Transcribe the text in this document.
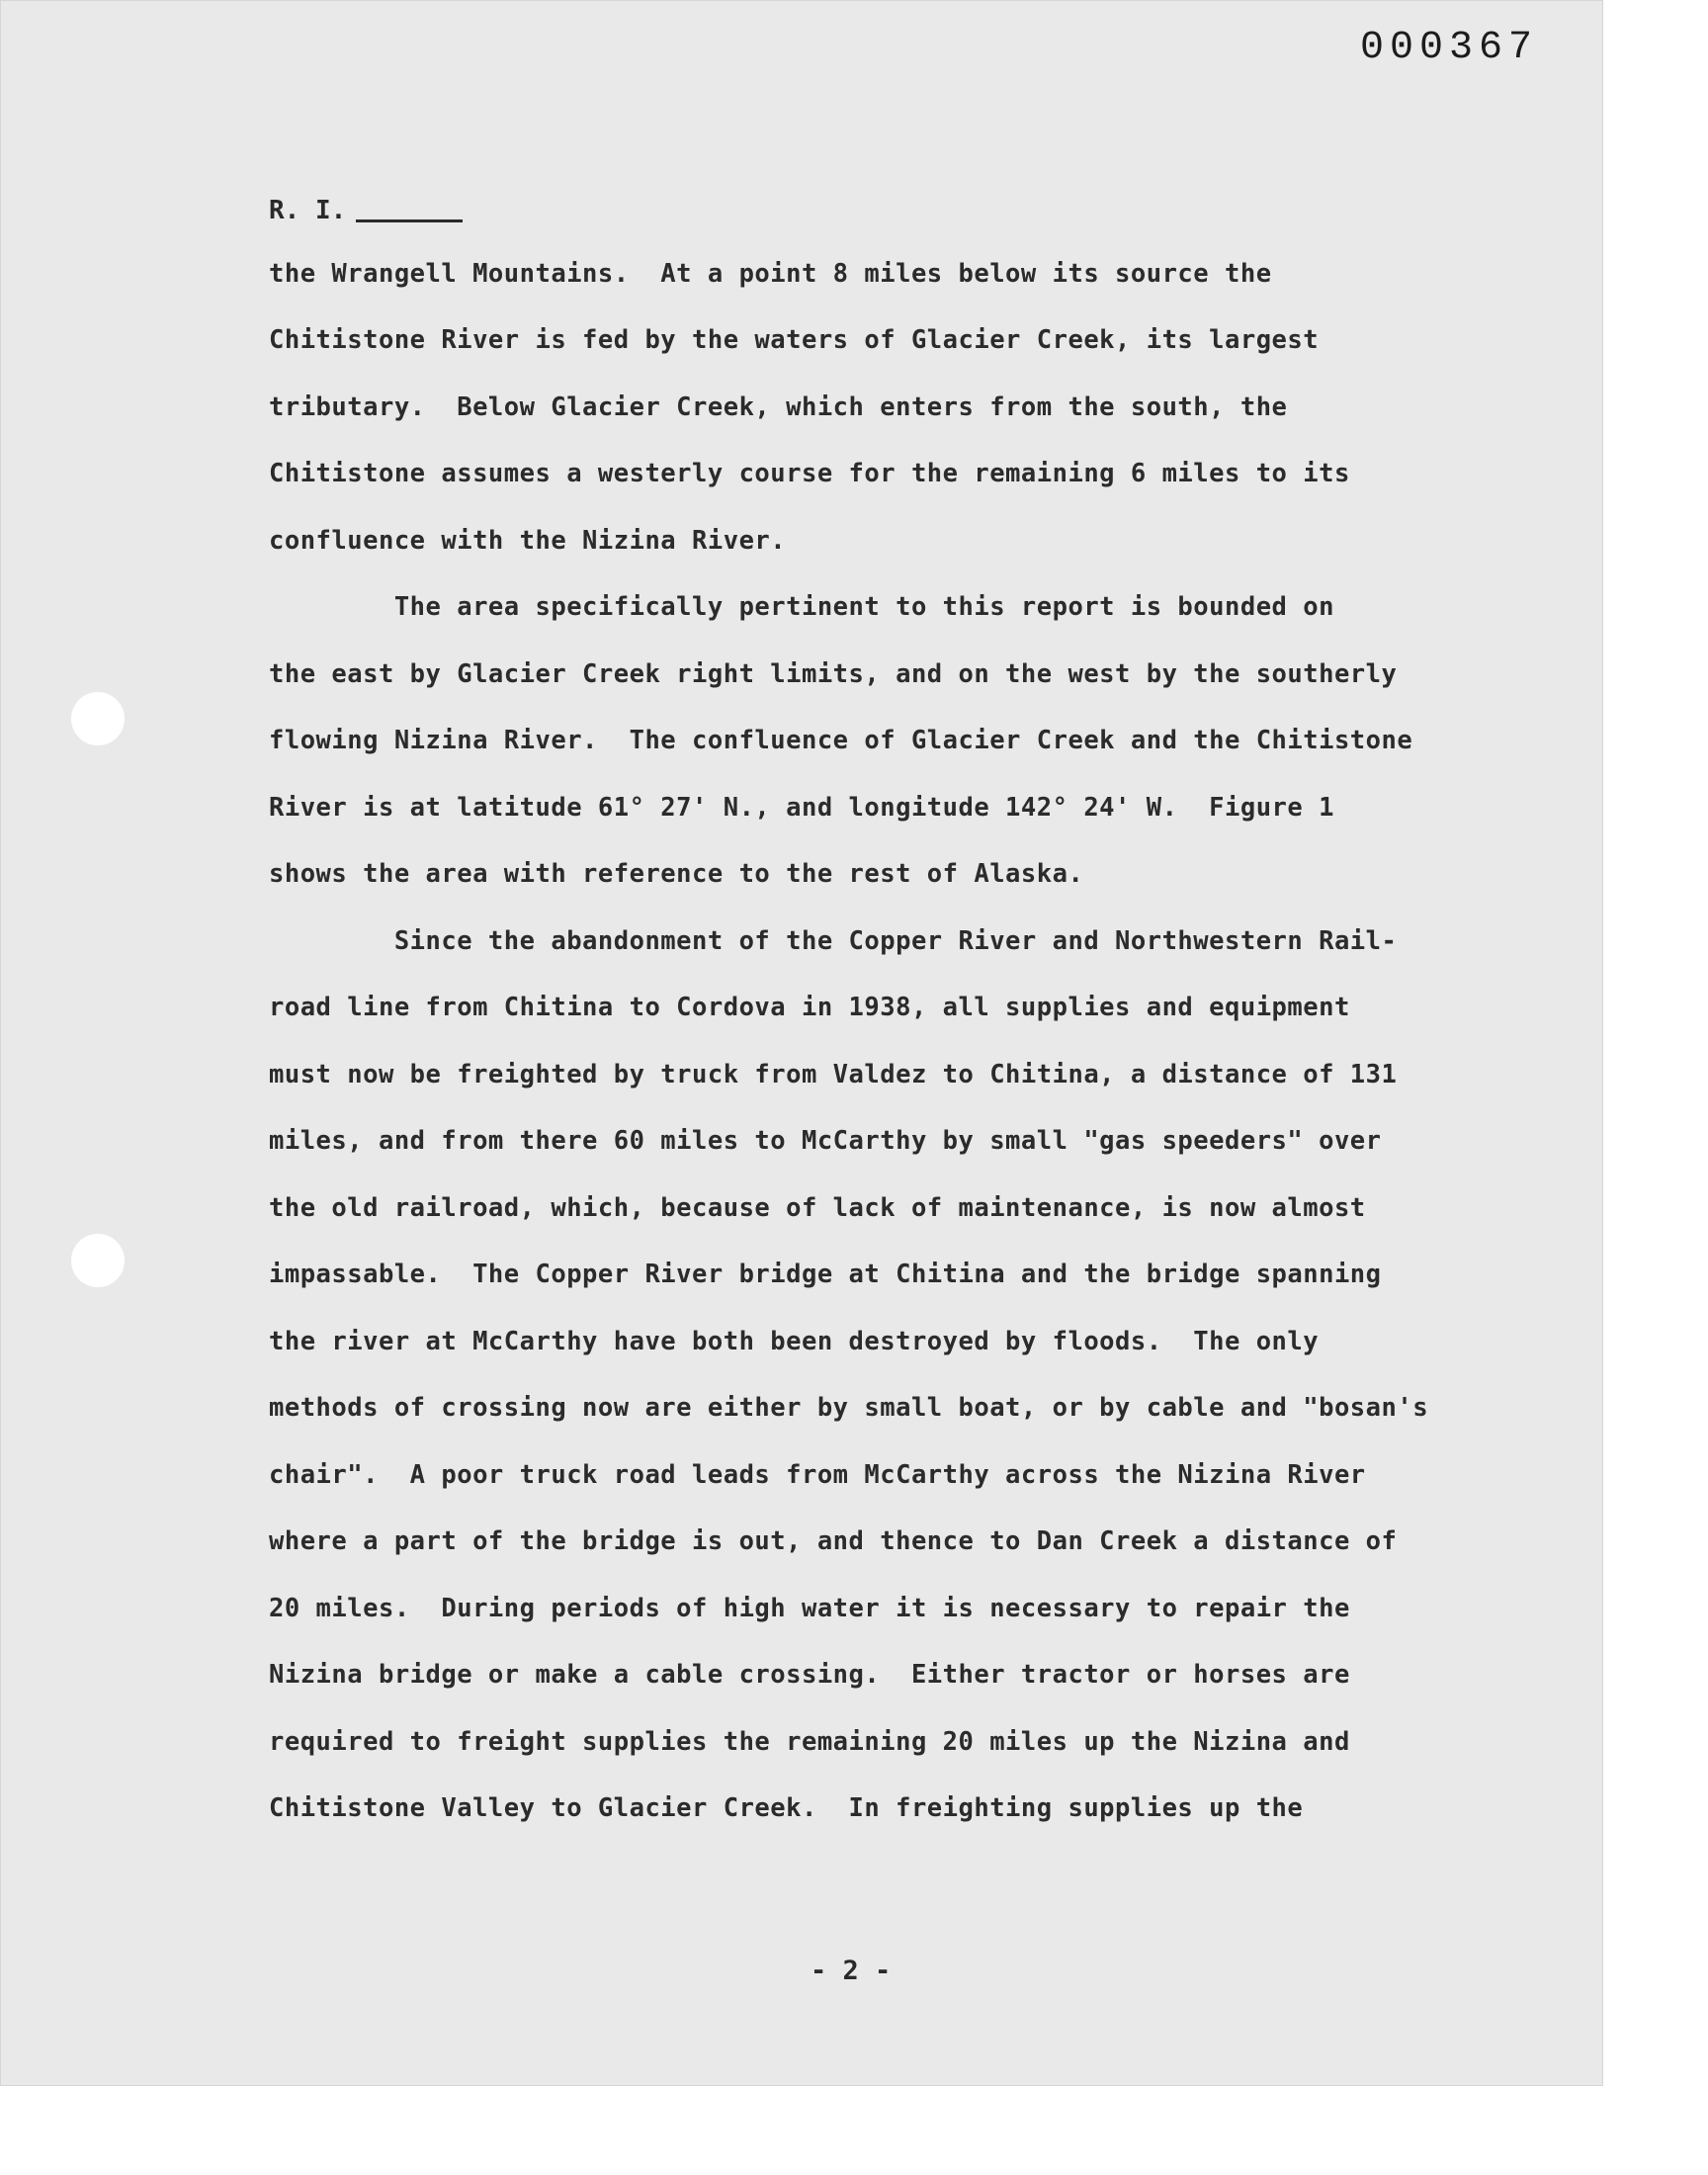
000367
R. I.
the Wrangell Mountains.  At a point 8 miles below its source the
Chitistone River is fed by the waters of Glacier Creek, its largest
tributary.  Below Glacier Creek, which enters from the south, the
Chitistone assumes a westerly course for the remaining 6 miles to its
confluence with the Nizina River.
The area specifically pertinent to this report is bounded on
the east by Glacier Creek right limits, and on the west by the southerly
flowing Nizina River.  The confluence of Glacier Creek and the Chitistone
River is at latitude 61° 27' N., and longitude 142° 24' W.  Figure 1
shows the area with reference to the rest of Alaska.
Since the abandonment of the Copper River and Northwestern Rail-
road line from Chitina to Cordova in 1938, all supplies and equipment
must now be freighted by truck from Valdez to Chitina, a distance of 131
miles, and from there 60 miles to McCarthy by small "gas speeders" over
the old railroad, which, because of lack of maintenance, is now almost
impassable.  The Copper River bridge at Chitina and the bridge spanning
the river at McCarthy have both been destroyed by floods.  The only
methods of crossing now are either by small boat, or by cable and "bosan's
chair".  A poor truck road leads from McCarthy across the Nizina River
where a part of the bridge is out, and thence to Dan Creek a distance of
20 miles.  During periods of high water it is necessary to repair the
Nizina bridge or make a cable crossing.  Either tractor or horses are
required to freight supplies the remaining 20 miles up the Nizina and
Chitistone Valley to Glacier Creek.  In freighting supplies up the
- 2 -
